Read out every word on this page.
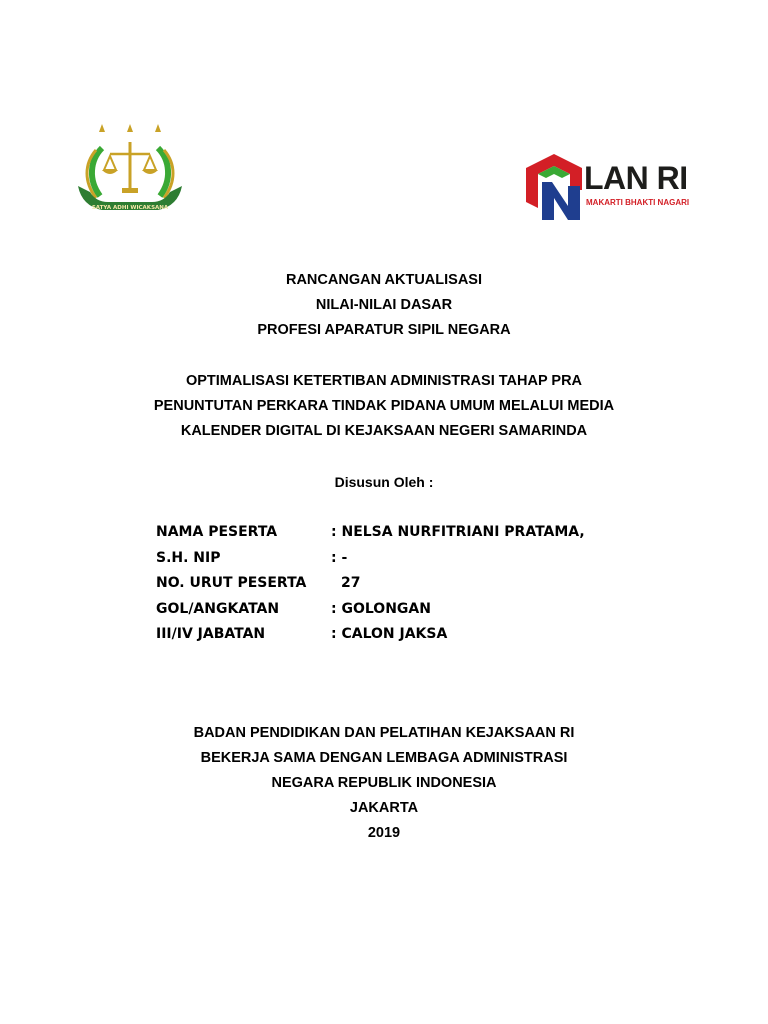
SATYA ADHI WICAKSANA
LAN RI
MAKARTI BHAKTI NAGARI
RANCANGAN AKTUALISASI
NILAI-NILAI DASAR
PROFESI APARATUR SIPIL NEGARA
OPTIMALISASI KETERTIBAN ADMINISTRASI TAHAP PRA
PENUNTUTAN PERKARA TINDAK PIDANA UMUM MELALUI MEDIA
KALENDER DIGITAL DI KEJAKSAAN NEGERI SAMARINDA
Disusun Oleh :
NAMA PESERTA	: NELSA NURFITRIANI PRATAMA,
S.H. NIP	: -
NO. URUT PESERTA 27
GOL/ANGKATAN	: GOLONGAN
III/IV JABATAN	: CALON JAKSA
BADAN PENDIDIKAN DAN PELATIHAN KEJAKSAAN RI
BEKERJA SAMA DENGAN LEMBAGA ADMINISTRASI
NEGARA REPUBLIK INDONESIA
JAKARTA
2019
